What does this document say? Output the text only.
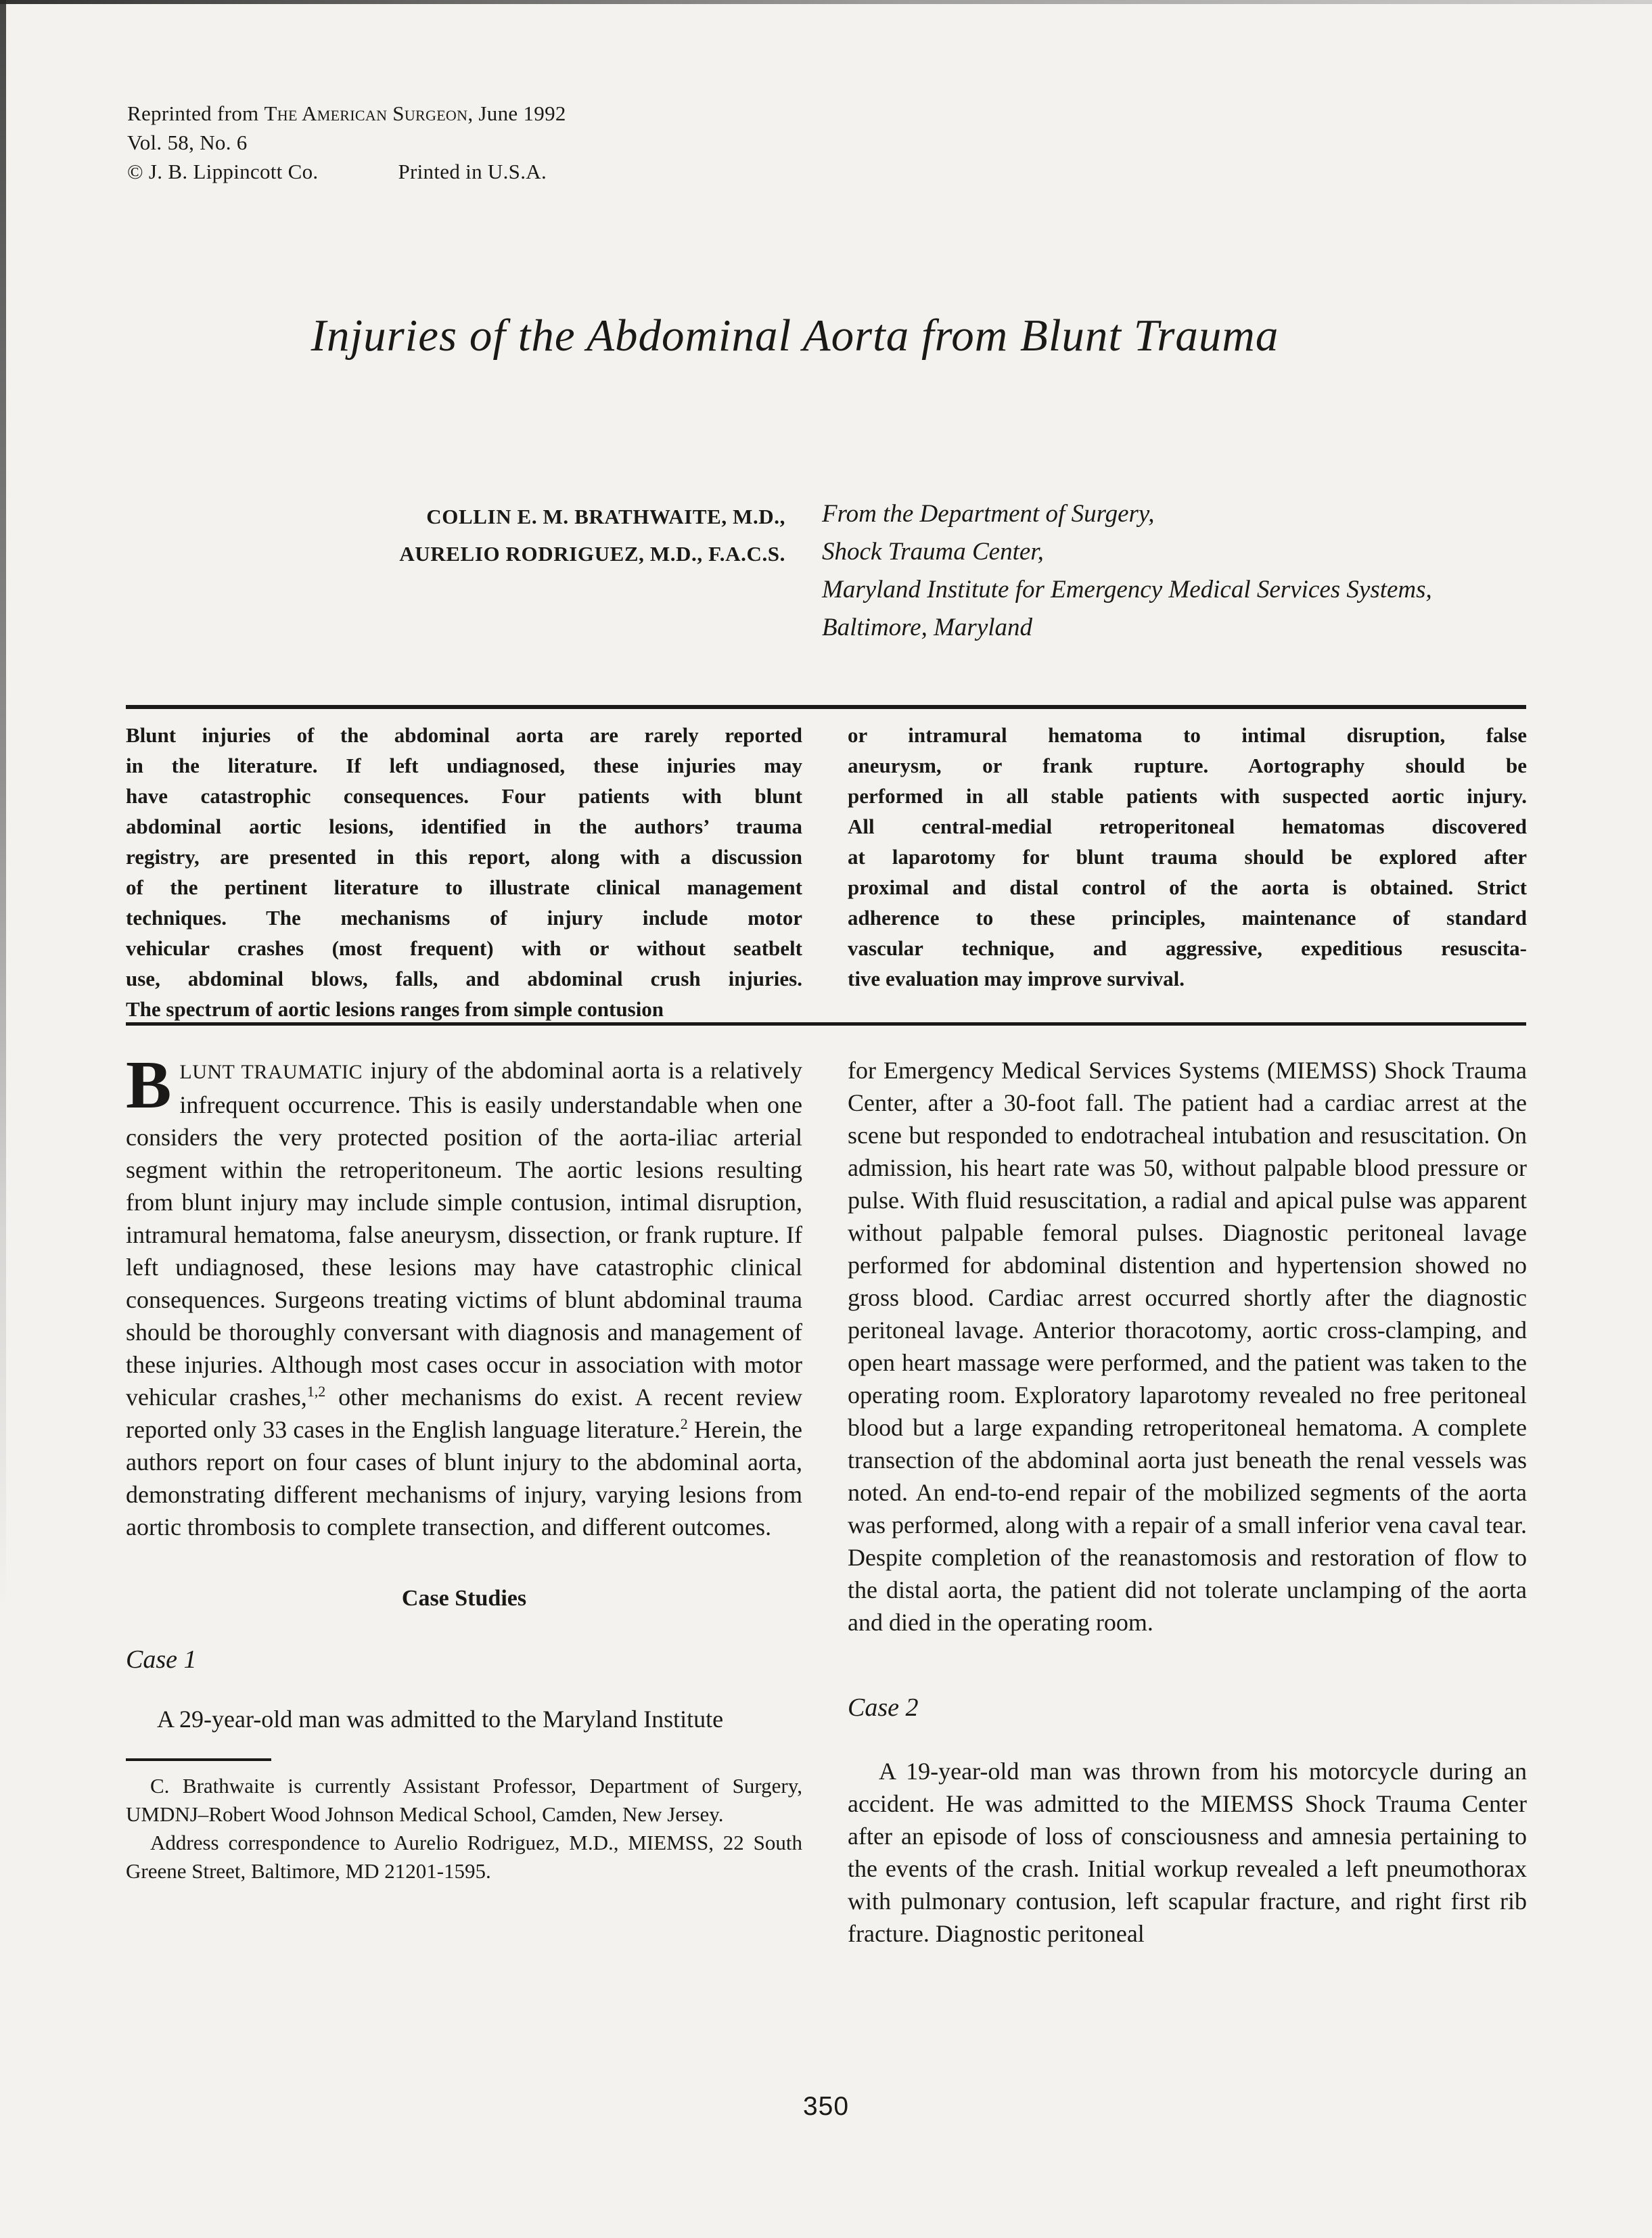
Reprinted from The American Surgeon, June 1992
Vol. 58, No. 6
© J. B. Lippincott Co.	Printed in U.S.A.
Injuries of the Abdominal Aorta from Blunt Trauma
COLLIN E. M. BRATHWAITE, M.D.,
AURELIO RODRIGUEZ, M.D., F.A.C.S.
From the Department of Surgery,
Shock Trauma Center,
Maryland Institute for Emergency Medical Services Systems,
Baltimore, Maryland
Blunt injuries of the abdominal aorta are rarely reported
in the literature. If left undiagnosed, these injuries may
have catastrophic consequences. Four patients with blunt
abdominal aortic lesions, identified in the authors’ trauma
registry, are presented in this report, along with a discussion
of the pertinent literature to illustrate clinical management
techniques. The mechanisms of injury include motor
vehicular crashes (most frequent) with or without seatbelt
use, abdominal blows, falls, and abdominal crush injuries.
The spectrum of aortic lesions ranges from simple contusion
or intramural hematoma to intimal disruption, false
aneurysm, or frank rupture. Aortography should be
performed in all stable patients with suspected aortic injury.
All central-medial retroperitoneal hematomas discovered
at laparotomy for blunt trauma should be explored after
proximal and distal control of the aorta is obtained. Strict
adherence to these principles, maintenance of standard
vascular technique, and aggressive, expeditious resuscita-
tive evaluation may improve survival.

BLUNT TRAUMATIC injury of the abdominal aorta is a relatively infrequent occurrence. This is easily understandable when one considers the very protected position of the aorta-iliac arterial segment within the retroperitoneum. The aortic lesions resulting from blunt injury may include simple contusion, intimal disruption, intramural hematoma, false aneurysm, dissection, or frank rupture. If left undiagnosed, these lesions may have catastrophic clinical consequences. Surgeons treating victims of blunt abdominal trauma should be thoroughly conversant with diagnosis and management of these injuries. Although most cases occur in association with motor vehicular crashes,$^{1,2}$ other mechanisms do exist. A recent review reported only 33 cases in the English language literature.$^2$ Herein, the authors report on four cases of blunt injury to the abdominal aorta, demonstrating different mechanisms of injury, varying lesions from aortic thrombosis to complete transection, and different outcomes.

Case Studies
Case 1

A 29-year-old man was admitted to the Maryland Institute

C. Brathwaite is currently Assistant Professor, Department of Surgery, UMDNJ–Robert Wood Johnson Medical School, Camden, New Jersey.

Address correspondence to Aurelio Rodriguez, M.D., MIEMSS, 22 South Greene Street, Baltimore, MD 21201-1595.

for Emergency Medical Services Systems (MIEMSS) Shock Trauma Center, after a 30-foot fall. The patient had a cardiac arrest at the scene but responded to endotracheal intubation and resuscitation. On admission, his heart rate was 50, without palpable blood pressure or pulse. With fluid resuscitation, a radial and apical pulse was apparent without palpable femoral pulses. Diagnostic peritoneal lavage performed for abdominal distention and hypertension showed no gross blood. Cardiac arrest occurred shortly after the diagnostic peritoneal lavage. Anterior thoracotomy, aortic cross-clamping, and open heart massage were performed, and the patient was taken to the operating room. Exploratory laparotomy revealed no free peritoneal blood but a large expanding retroperitoneal hematoma. A complete transection of the abdominal aorta just beneath the renal vessels was noted. An end-to-end repair of the mobilized segments of the aorta was performed, along with a repair of a small inferior vena caval tear. Despite completion of the reanastomosis and restoration of flow to the distal aorta, the patient did not tolerate unclamping of the aorta and died in the operating room.

Case 2

A 19-year-old man was thrown from his motorcycle during an accident. He was admitted to the MIEMSS Shock Trauma Center after an episode of loss of consciousness and amnesia pertaining to the events of the crash. Initial workup revealed a left pneumothorax with pulmonary contusion, left scapular fracture, and right first rib fracture. Diagnostic peritoneal

350
